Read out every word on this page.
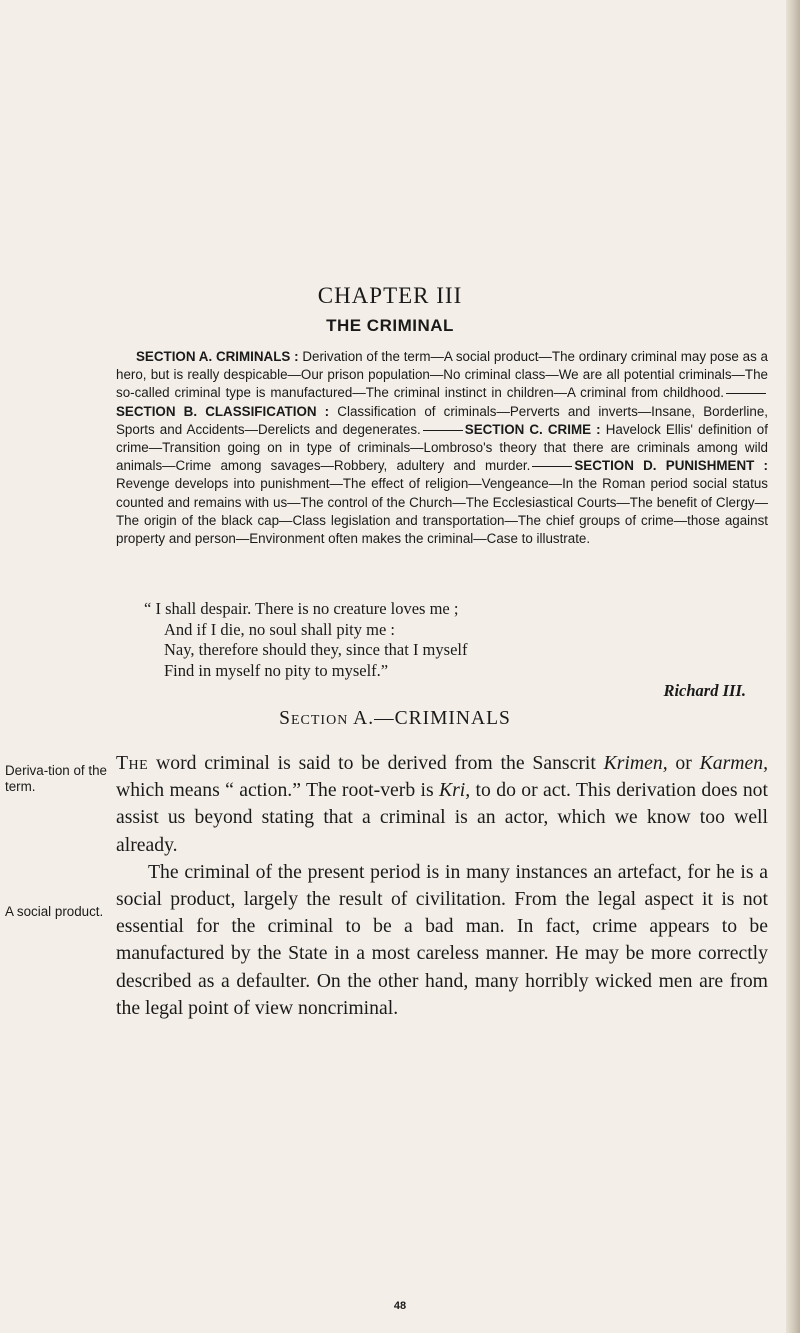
CHAPTER III
THE CRIMINAL

SECTION A. CRIMINALS : Derivation of the term—A social product—The ordinary criminal may pose as a hero, but is really despicable—Our prison population—No criminal class—We are all potential criminals—The so-called criminal type is manufactured—The criminal instinct in children—A criminal from childhood.SECTION B. CLASSIFICATION : Classification of criminals—Perverts and inverts—Insane, Borderline, Sports and Accidents—Derelicts and degenerates.	SECTION C. CRIME : Havelock Ellis' definition of crime—Transition going on in type of criminals—Lombroso's theory that there are criminals among wild animals—Crime among savages—Robbery, adultery and murder.	SECTION D. PUNISHMENT : Revenge develops into punishment—The effect of religion—Vengeance—In the Roman period social status counted and remains with us—The control of the Church—The Ecclesiastical Courts—The benefit of Clergy—The origin of the black cap—Class legislation and transportation—The chief groups of crime—those against property and person—Environment often makes the criminal—Case to illustrate.

“ I shall despair. There is no creature loves me ;
And if I die, no soul shall pity me :
Nay, therefore should they, since that I myself
Find in myself no pity to myself.”
Richard III.
Section A.—CRIMINALS
Deriva-tion of the term.
A social product.

The word criminal is said to be derived from the Sanscrit Krimen, or Karmen, which means “ action.” The root-verb is Kri, to do or act. This derivation does not assist us beyond stating that a criminal is an actor, which we know too well already.

The criminal of the present period is in many instances an artefact, for he is a social product, largely the result of civilitation. From the legal aspect it is not essential for the criminal to be a bad man. In fact, crime appears to be manufactured by the State in a most careless manner. He may be more correctly described as a defaulter. On the other hand, many horribly wicked men are from the legal point of view noncriminal.

48
